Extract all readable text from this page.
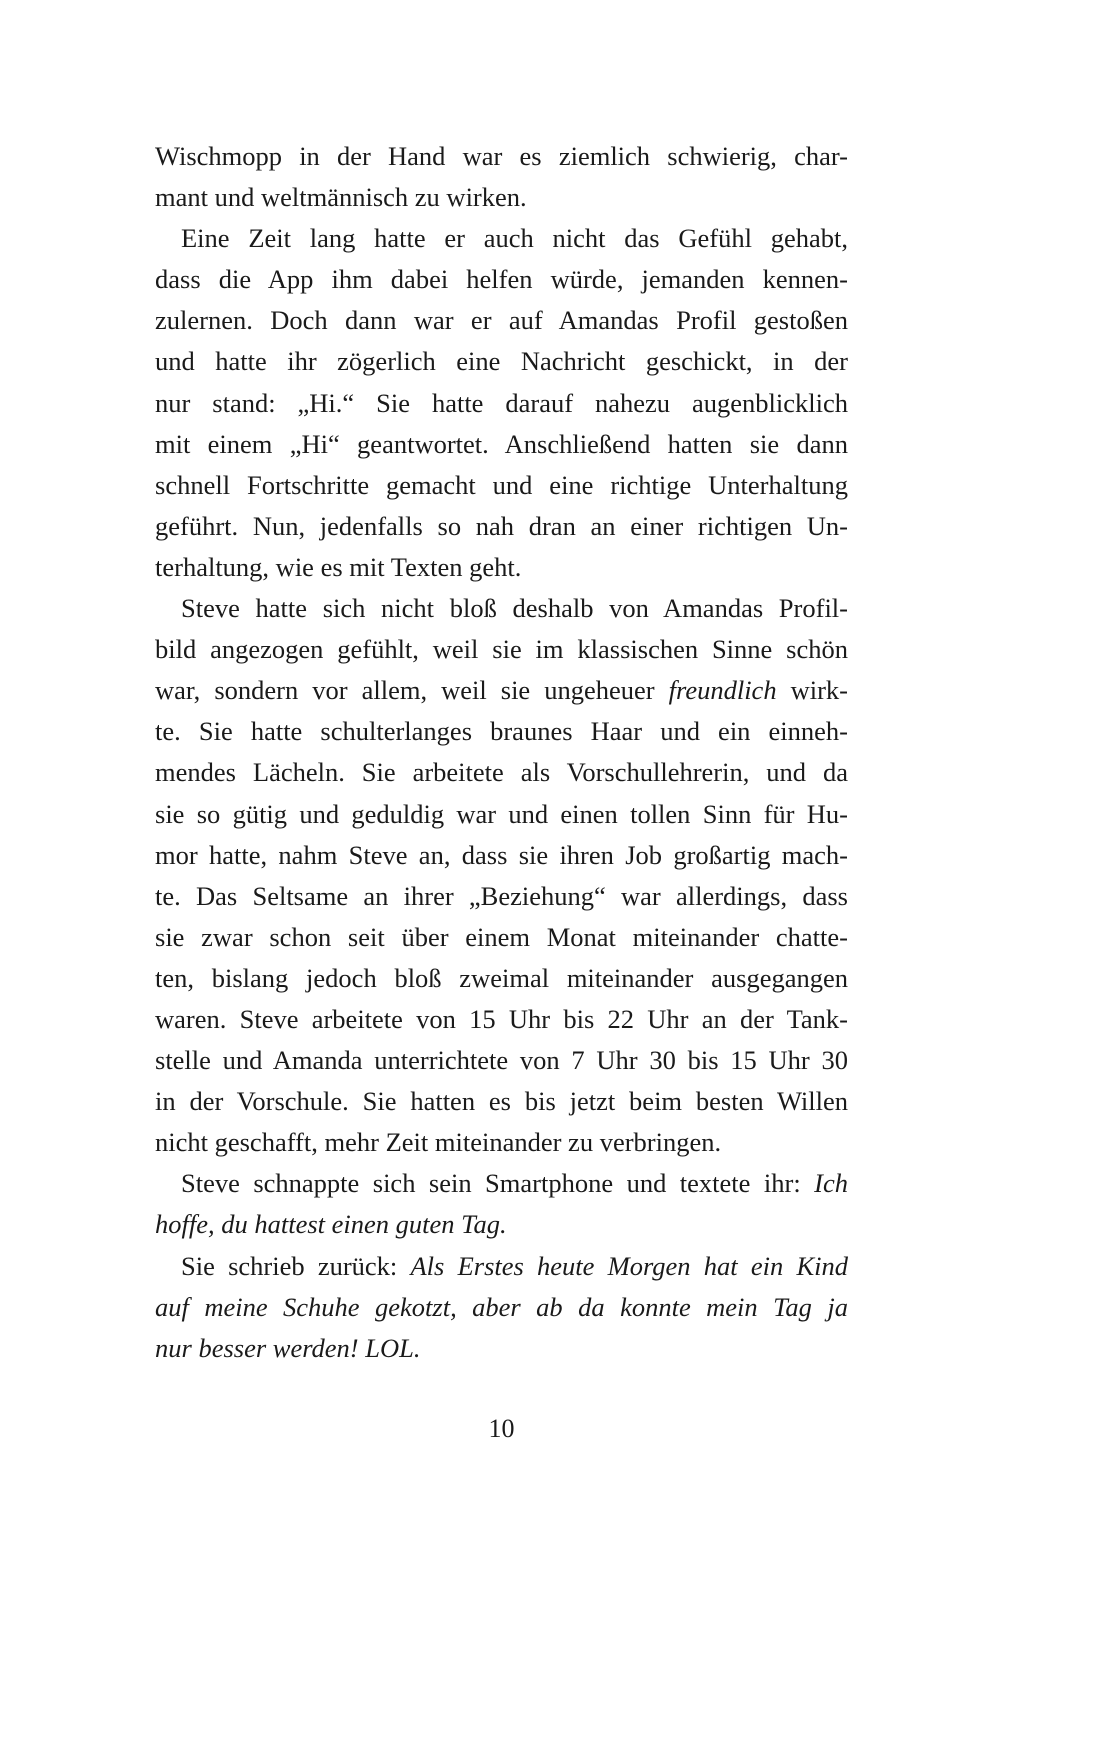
Wischmopp in der Hand war es ziemlich schwierig, char-
mant und weltmännisch zu wirken.
Eine Zeit lang hatte er auch nicht das Gefühl gehabt,
dass die App ihm dabei helfen würde, jemanden kennen-
zulernen. Doch dann war er auf Amandas Profil gestoßen
und hatte ihr zögerlich eine Nachricht geschickt, in der
nur stand: „Hi.“ Sie hatte darauf nahezu augenblicklich
mit einem „Hi“ geantwortet. Anschließend hatten sie dann
schnell Fortschritte gemacht und eine richtige Unterhaltung
geführt. Nun, jedenfalls so nah dran an einer richtigen Un-
terhaltung, wie es mit Texten geht.
Steve hatte sich nicht bloß deshalb von Amandas Profil-
bild angezogen gefühlt, weil sie im klassischen Sinne schön
war, sondern vor allem, weil sie ungeheuer freundlich wirk-
te. Sie hatte schulterlanges braunes Haar und ein einneh-
mendes Lächeln. Sie arbeitete als Vorschullehrerin, und da
sie so gütig und geduldig war und einen tollen Sinn für Hu-
mor hatte, nahm Steve an, dass sie ihren Job großartig mach-
te. Das Seltsame an ihrer „Beziehung“ war allerdings, dass
sie zwar schon seit über einem Monat miteinander chatte-
ten, bislang jedoch bloß zweimal miteinander ausgegangen
waren. Steve arbeitete von 15 Uhr bis 22 Uhr an der Tank-
stelle und Amanda unterrichtete von 7 Uhr 30 bis 15 Uhr 30
in der Vorschule. Sie hatten es bis jetzt beim besten Willen
nicht geschafft, mehr Zeit miteinander zu verbringen.
Steve schnappte sich sein Smartphone und textete ihr: Ich
hoffe, du hattest einen guten Tag.
Sie schrieb zurück: Als Erstes heute Morgen hat ein Kind
auf meine Schuhe gekotzt, aber ab da konnte mein Tag ja
nur besser werden! LOL.
10
